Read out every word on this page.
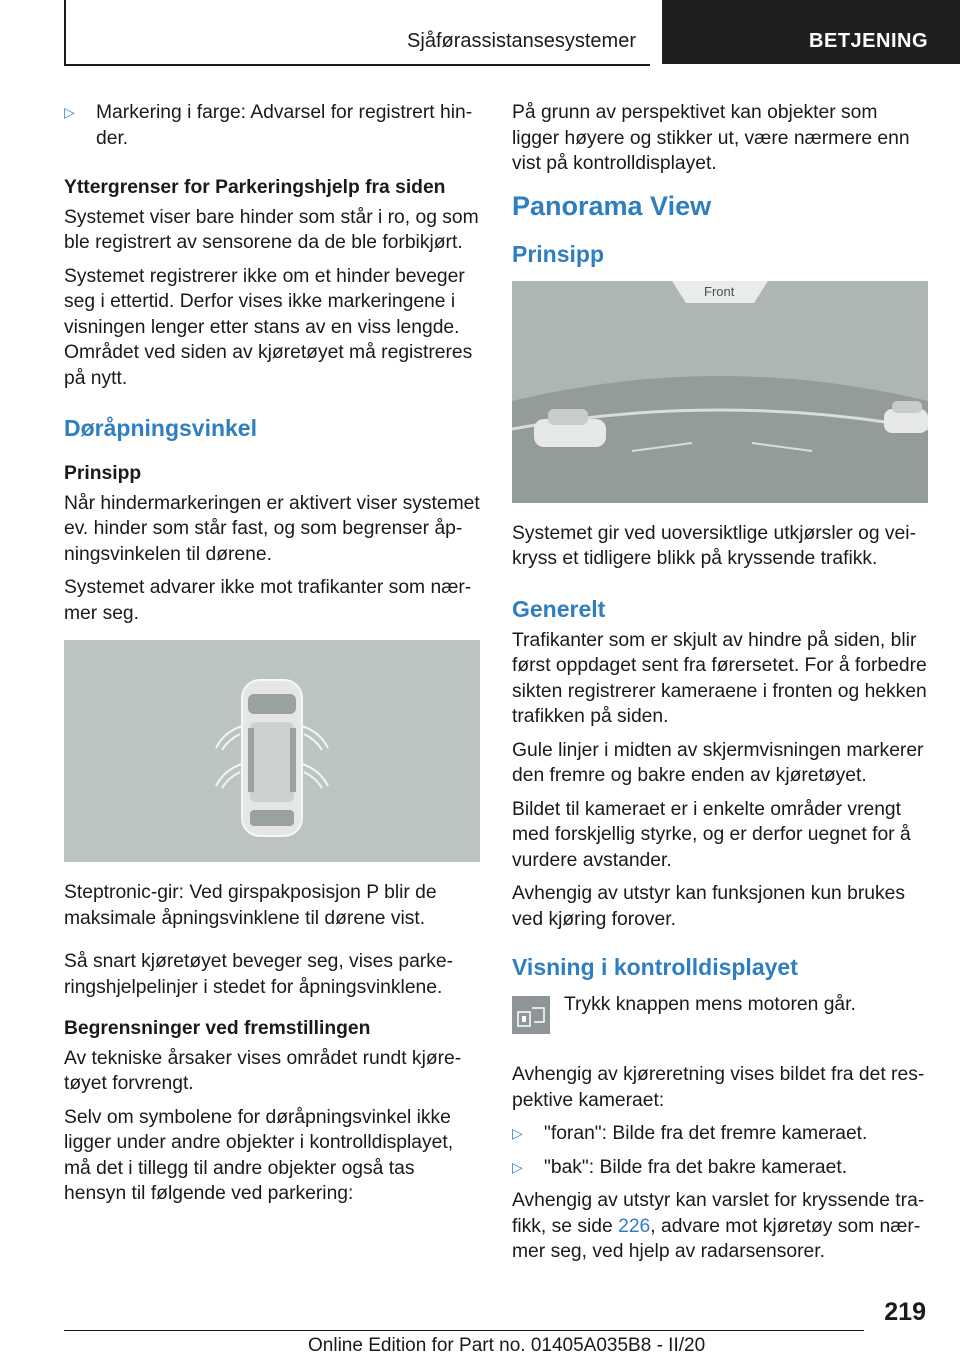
Sjåførassistansesystemer	BETJENING

▷ Markering i farge: Advarsel for registrert hinder.

Yttergrenser for Parkeringshjelp fra siden

Systemet viser bare hinder som står i ro, og som ble registrert av sensorene da de ble forbikjørt.

Systemet registrerer ikke om et hinder beveger seg i ettertid. Derfor vises ikke markeringene i visningen lenger etter stans av en viss lengde. Området ved siden av kjøretøyet må registreres på nytt.

Døråpningsvinkel
Prinsipp

Når hindermarkeringen er aktivert viser systemet ev. hinder som står fast, og som begrenser åpningsvinkelen til dørene.

Systemet advarer ikke mot trafikanter som nærmer seg.

Steptronic-gir: Ved girspakposisjon P blir de maksimale åpningsvinklene til dørene vist.

Så snart kjøretøyet beveger seg, vises parkeringshjelpelinjer i stedet for åpningsvinklene.

Begrensninger ved fremstillingen

Av tekniske årsaker vises området rundt kjøretøyet forvrengt.

Selv om symbolene for døråpningsvinkel ikke ligger under andre objekter i kontrolldisplayet, må det i tillegg til andre objekter også tas hensyn til følgende ved parkering:

På grunn av perspektivet kan objekter som ligger høyere og stikker ut, være nærmere enn vist på kontrolldisplayet.

Panorama View
Prinsipp
Front

Systemet gir ved uoversiktlige utkjørsler og veikryss et tidligere blikk på kryssende trafikk.

Generelt

Trafikanter som er skjult av hindre på siden, blir først oppdaget sent fra førersetet. For å forbedre sikten registrerer kameraene i fronten og hekken trafikken på siden.

Gule linjer i midten av skjermvisningen markerer den fremre og bakre enden av kjøretøyet.

Bildet til kameraet er i enkelte områder vrengt med forskjellig styrke, og er derfor uegnet for å vurdere avstander.

Avhengig av utstyr kan funksjonen kun brukes ved kjøring forover.

Visning i kontrolldisplayet

Trykk knappen mens motoren går.

Avhengig av kjøreretning vises bildet fra det respektive kameraet:

▷ "foran": Bilde fra det fremre kameraet.

▷ "bak": Bilde fra det bakre kameraet.

Avhengig av utstyr kan varslet for kryssende trafikk, se side 226, advare mot kjøretøy som nærmer seg, ved hjelp av radarsensorer.

219
Online Edition for Part no. 01405A035B8 - II/20
